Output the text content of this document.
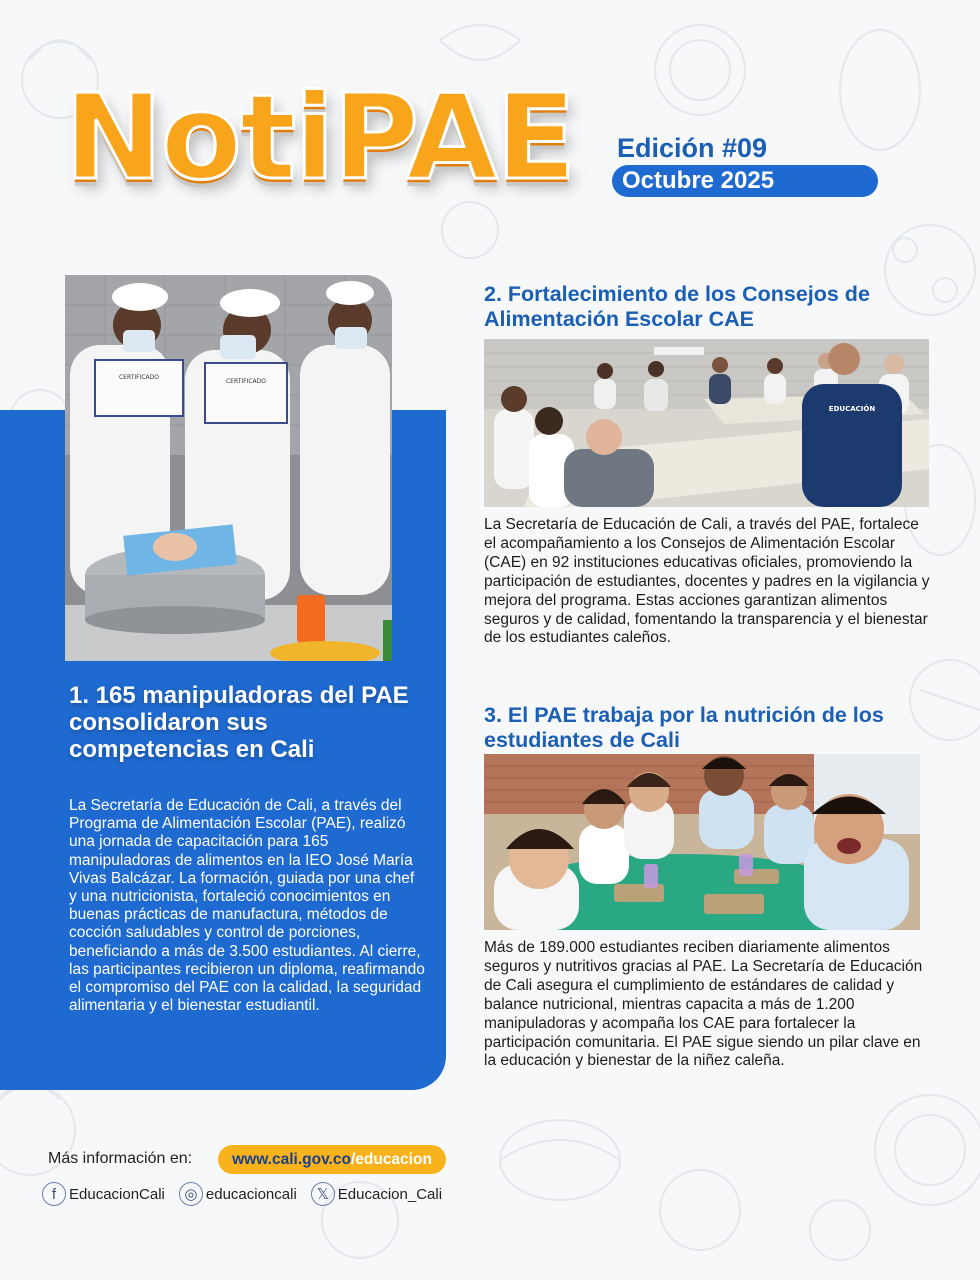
NotiPAE Edición #09
Octubre 2025
CERTIFICADO
CERTIFICADO
1. 165 manipuladoras del PAE consolidaron sus competencias en Cali
La Secretaría de Educación de Cali, a través del Programa de Alimentación Escolar (PAE), realizó una jornada de capacitación para 165 manipuladoras de alimentos en la IEO José María Vivas Balcázar. La formación, guiada por una chef y una nutricionista, fortaleció conocimientos en buenas prácticas de manufactura, métodos de cocción saludables y control de porciones, beneficiando a más de 3.500 estudiantes. Al cierre, las participantes recibieron un diploma, reafirmando el compromiso del PAE con la calidad, la seguridad alimentaria y el bienestar estudiantil.
2. Fortalecimiento de los Consejos de Alimentación Escolar CAE
EDUCACIÓN
La Secretaría de Educación de Cali, a través del PAE, fortalece el acompañamiento a los Consejos de Alimentación Escolar (CAE) en 92 instituciones educativas oficiales, promoviendo la participación de estudiantes, docentes y padres en la vigilancia y mejora del programa. Estas acciones garantizan alimentos seguros y de calidad, fomentando la transparencia y el bienestar de los estudiantes caleños.
3. El PAE trabaja por la nutrición de los estudiantes de Cali
Más de 189.000 estudiantes reciben diariamente alimentos seguros y nutritivos gracias al PAE. La Secretaría de Educación de Cali asegura el cumplimiento de estándares de calidad y balance nutricional, mientras capacita a más de 1.200 manipuladoras y acompaña los CAE para fortalecer la participación comunitaria. El PAE sigue siendo un pilar clave en la educación y bienestar de la niñez caleña.
Más información en:	www.cali.gov.co/educacion
f EducacionCali	◎ educacioncali	𝕏 Educacion_Cali
